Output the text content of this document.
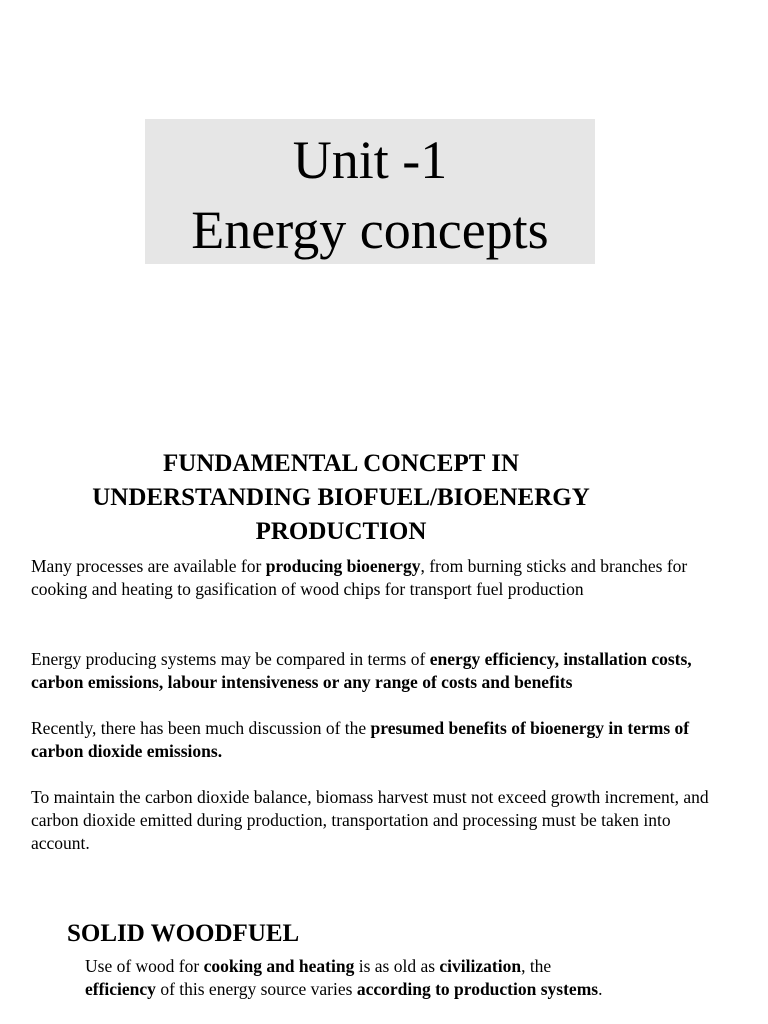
Unit -1
Energy concepts
FUNDAMENTAL CONCEPT IN
UNDERSTANDING BIOFUEL/BIOENERGY
PRODUCTION

Many processes are available for producing bioenergy, from burning sticks and branches for cooking and heating to gasification of wood chips for transport fuel production

Energy producing systems may be compared in terms of energy efficiency, installation costs, carbon emissions, labour intensiveness or any range of costs and benefits

Recently, there has been much discussion of the presumed benefits of bioenergy in terms of carbon dioxide emissions.

To maintain the carbon dioxide balance, biomass harvest must not exceed growth increment, and carbon dioxide emitted during production, transportation and processing must be taken into account.

SOLID WOODFUEL

Use of wood for cooking and heating is as old as civilization, the efficiency of this energy source varies according to production systems.
